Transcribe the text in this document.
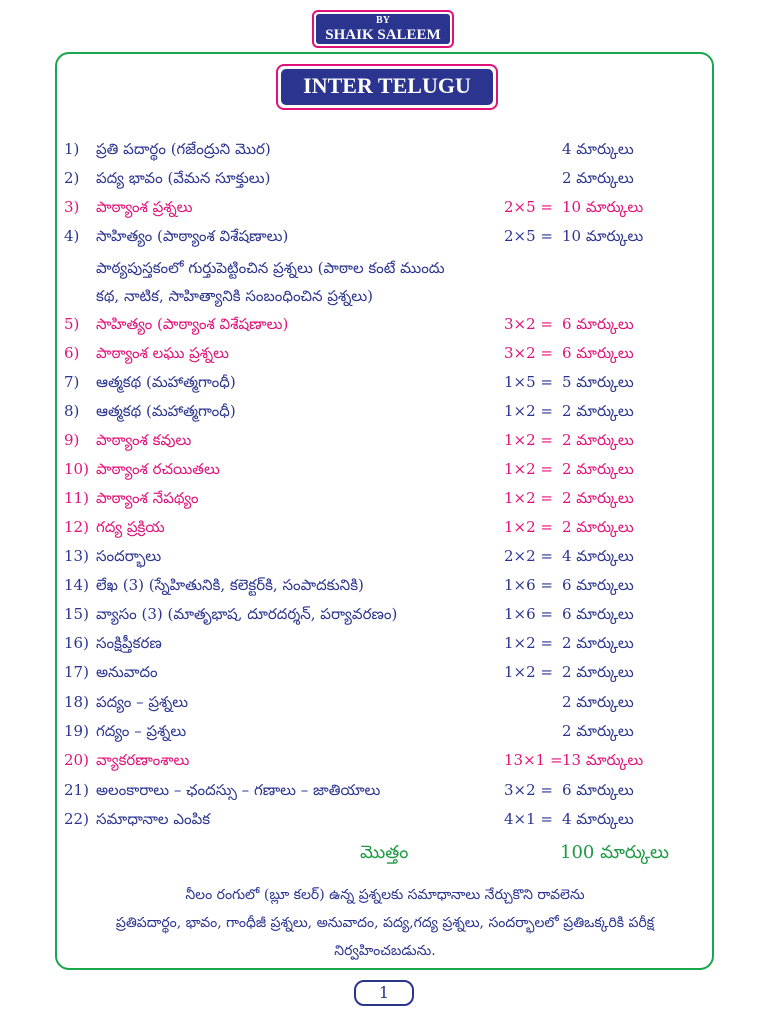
BY
SHAIK SALEEM
INTER TELUGU
1) ప్రతి పదార్థం (గజేంద్రుని మొర)	4 మార్కులు
2) పద్య భావం (వేమన సూక్తులు)	2 మార్కులు
3) పాఠ్యాంశ ప్రశ్నలు	2×5 = 10 మార్కులు
4) సాహిత్యం (పాఠ్యాంశ విశేషణాలు)	2×5 = 10 మార్కులు
5) సాహిత్యం (పాఠ్యాంశ విశేషణాలు)	3×2 = 6 మార్కులు
6) పాఠ్యాంశ లఘు ప్రశ్నలు	3×2 = 6 మార్కులు
7) ఆత్మకథ (మహాత్మగాంధీ)	1×5 = 5 మార్కులు
8) ఆత్మకథ (మహాత్మగాంధీ)	1×2 = 2 మార్కులు
9) పాఠ్యాంశ కవులు	1×2 = 2 మార్కులు
10) పాఠ్యాంశ రచయితలు	1×2 = 2 మార్కులు
11) పాఠ్యాంశ నేపథ్యం	1×2 = 2 మార్కులు
12) గద్య ప్రక్రియ	1×2 = 2 మార్కులు
13) సందర్భాలు	2×2 = 4 మార్కులు
14) లేఖ (3) (స్నేహితునికి, కలెక్టర్‌కి, సంపాదకునికి)	1×6 = 6 మార్కులు
15) వ్యాసం (3) (మాతృభాష, దూరదర్శన్, పర్యావరణం)	1×6 = 6 మార్కులు
16) సంక్షిప్తీకరణ	1×2 = 2 మార్కులు
17) అనువాదం	1×2 = 2 మార్కులు
18) పద్యం – ప్రశ్నలు	2 మార్కులు
19) గద్యం – ప్రశ్నలు	2 మార్కులు
20) వ్యాకరణాంశాలు	13×1 = 13 మార్కులు
21) అలంకారాలు – ఛందస్సు – గణాలు – జాతియాలు	3×2 = 6 మార్కులు
22) సమాధానాల ఎంపిక	4×1 = 4 మార్కులు
పాఠ్యపుస్తకంలో గుర్తుపెట్టించిన ప్రశ్నలు (పాఠాల కంటే ముందు
కథ, నాటిక, సాహిత్యానికి సంబంధించిన ప్రశ్నలు)
మొత్తం	100 మార్కులు
నీలం రంగులో (బ్లూ కలర్) ఉన్న ప్రశ్నలకు సమాధానాలు నేర్చుకొని రావలెను
ప్రతిపదార్థం, భావం, గాంధీజీ ప్రశ్నలు, అనువాదం, పద్య,గద్య ప్రశ్నలు, సందర్భాలలో ప్రతిఒక్కరికి పరీక్ష
నిర్వహించబడును.
1
